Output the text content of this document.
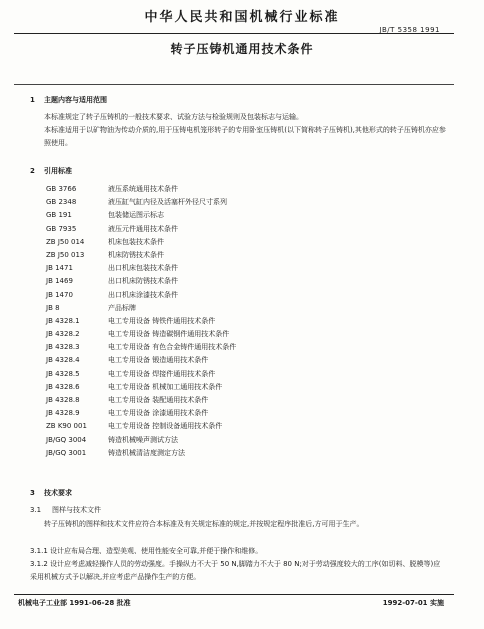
中华人民共和国机械行业标准
JB/T 5358 1991
转子压铸机通用技术条件
1 主题内容与适用范围
本标准规定了转子压铸机的一般技术要求、试验方法与检验规则及包装标志与运输。
本标准适用于以矿物油为传动介质的,用于压铸电机笼形转子的专用卧室压铸机(以下简称转子压铸机),其他形式的转子压铸机亦应参照使用。
2 引用标准
GB 3766	液压系统通用技术条件
GB 2348	液压缸气缸内径及活塞杆外径尺寸系列
GB 191	包装储运图示标志
GB 7935	液压元件通用技术条件
ZB J50 014	机床包装技术条件
ZB J50 013	机床防锈技术条件
JB 1471	出口机床包装技术条件
JB 1469	出口机床防锈技术条件
JB 1470	出口机床涂漆技术条件
JB 8	产品标牌
JB 4328.1	电工专用设备 铸铁件通用技术条件
JB 4328.2	电工专用设备 铸造碳钢件通用技术条件
JB 4328.3	电工专用设备 有色合金铸件通用技术条件
JB 4328.4	电工专用设备 锻造通用技术条件
JB 4328.5	电工专用设备 焊接件通用技术条件
JB 4328.6	电工专用设备 机械加工通用技术条件
JB 4328.8	电工专用设备 装配通用技术条件
JB 4328.9	电工专用设备 涂漆通用技术条件
ZB K90 001	电工专用设备 控制设备通用技术条件
JB/GQ 3004	铸造机械噪声测试方法
JB/GQ 3001	铸造机械清洁度测定方法
3 技术要求
3.1 图样与技术文件
转子压铸机的图样和技术文件应符合本标准及有关规定标准的规定,并按规定程序批准后,方可用于生产。
3.1.1 设计应布局合理、造型美观、使用性能安全可靠,并便于操作和维修。
3.1.2 设计应考虑减轻操作人员的劳动强度。手操纵力不大于 50 N,脚踏力不大于 80 N;对于劳动强度较大的工序(如切料、脱模等)应采用机械方式予以解决,并应考虑产品操作生产的方便。
机械电子工业部 1991-06-28 批准	1992-07-01 实施
